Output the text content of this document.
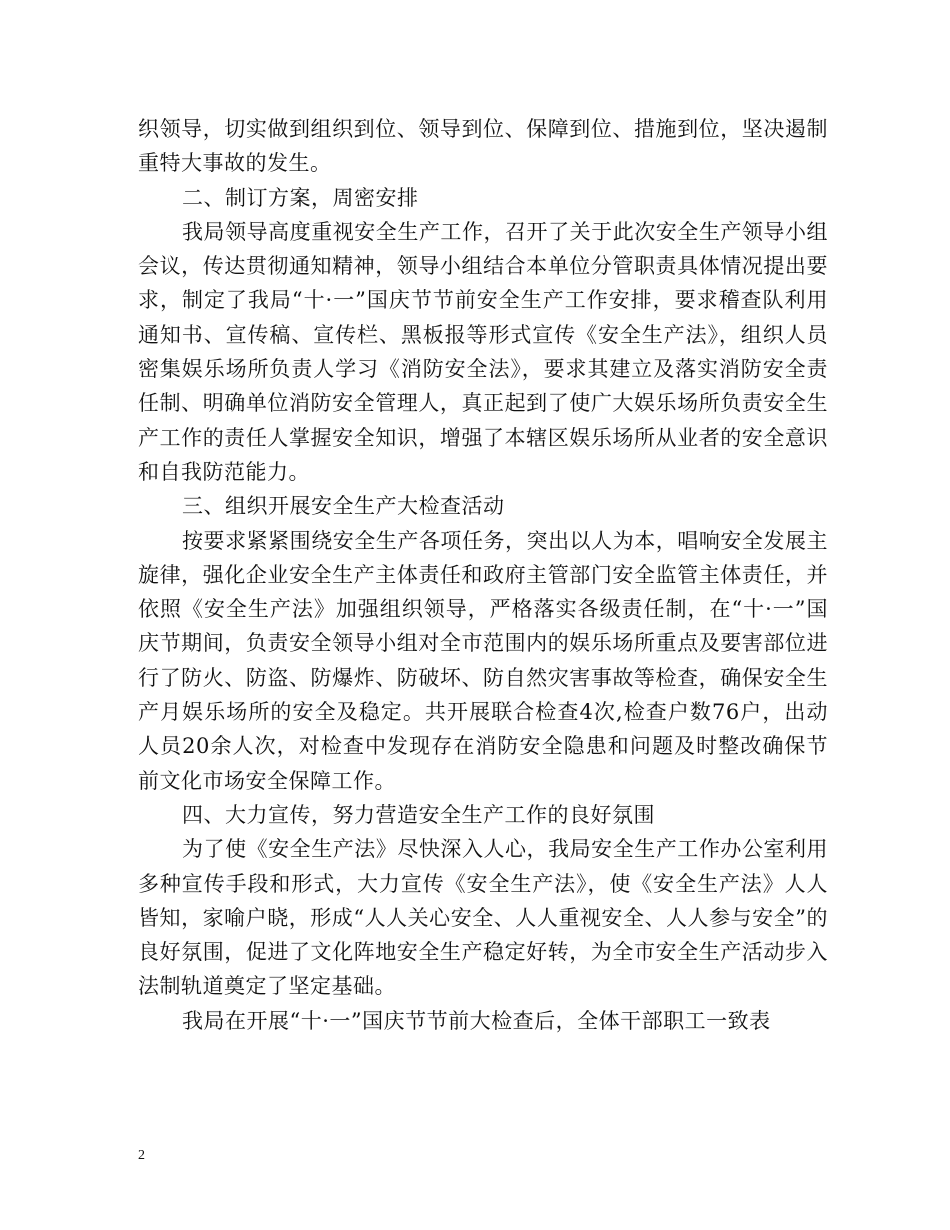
织领导，切实做到组织到位、领导到位、保障到位、措施到位，坚决遏制重特大事故的发生。

二、制订方案，周密安排

我局领导高度重视安全生产工作，召开了关于此次安全生产领导小组会议，传达贯彻通知精神，领导小组结合本单位分管职责具体情况提出要求，制定了我局“十·一”国庆节节前安全生产工作安排，要求稽查队利用通知书、宣传稿、宣传栏、黑板报等形式宣传《安全生产法》，组织人员密集娱乐场所负责人学习《消防安全法》，要求其建立及落实消防安全责任制、明确单位消防安全管理人，真正起到了使广大娱乐场所负责安全生产工作的责任人掌握安全知识，增强了本辖区娱乐场所从业者的安全意识和自我防范能力。

三、组织开展安全生产大检查活动

按要求紧紧围绕安全生产各项任务，突出以人为本，唱响安全发展主旋律，强化企业安全生产主体责任和政府主管部门安全监管主体责任，并依照《安全生产法》加强组织领导，严格落实各级责任制，在“十·一”国庆节期间，负责安全领导小组对全市范围内的娱乐场所重点及要害部位进行了防火、防盗、防爆炸、防破坏、防自然灾害事故等检查，确保安全生产月娱乐场所的安全及稳定。共开展联合检查4次,检查户数76户，出动人员20余人次，对检查中发现存在消防安全隐患和问题及时整改确保节前文化市场安全保障工作。

四、大力宣传，努力营造安全生产工作的良好氛围

为了使《安全生产法》尽快深入人心，我局安全生产工作办公室利用多种宣传手段和形式，大力宣传《安全生产法》，使《安全生产法》人人皆知，家喻户晓，形成“人人关心安全、人人重视安全、人人参与安全”的良好氛围，促进了文化阵地安全生产稳定好转，为全市安全生产活动步入法制轨道奠定了坚定基础。

我局在开展“十·一”国庆节节前大检查后，全体干部职工一致表

2
